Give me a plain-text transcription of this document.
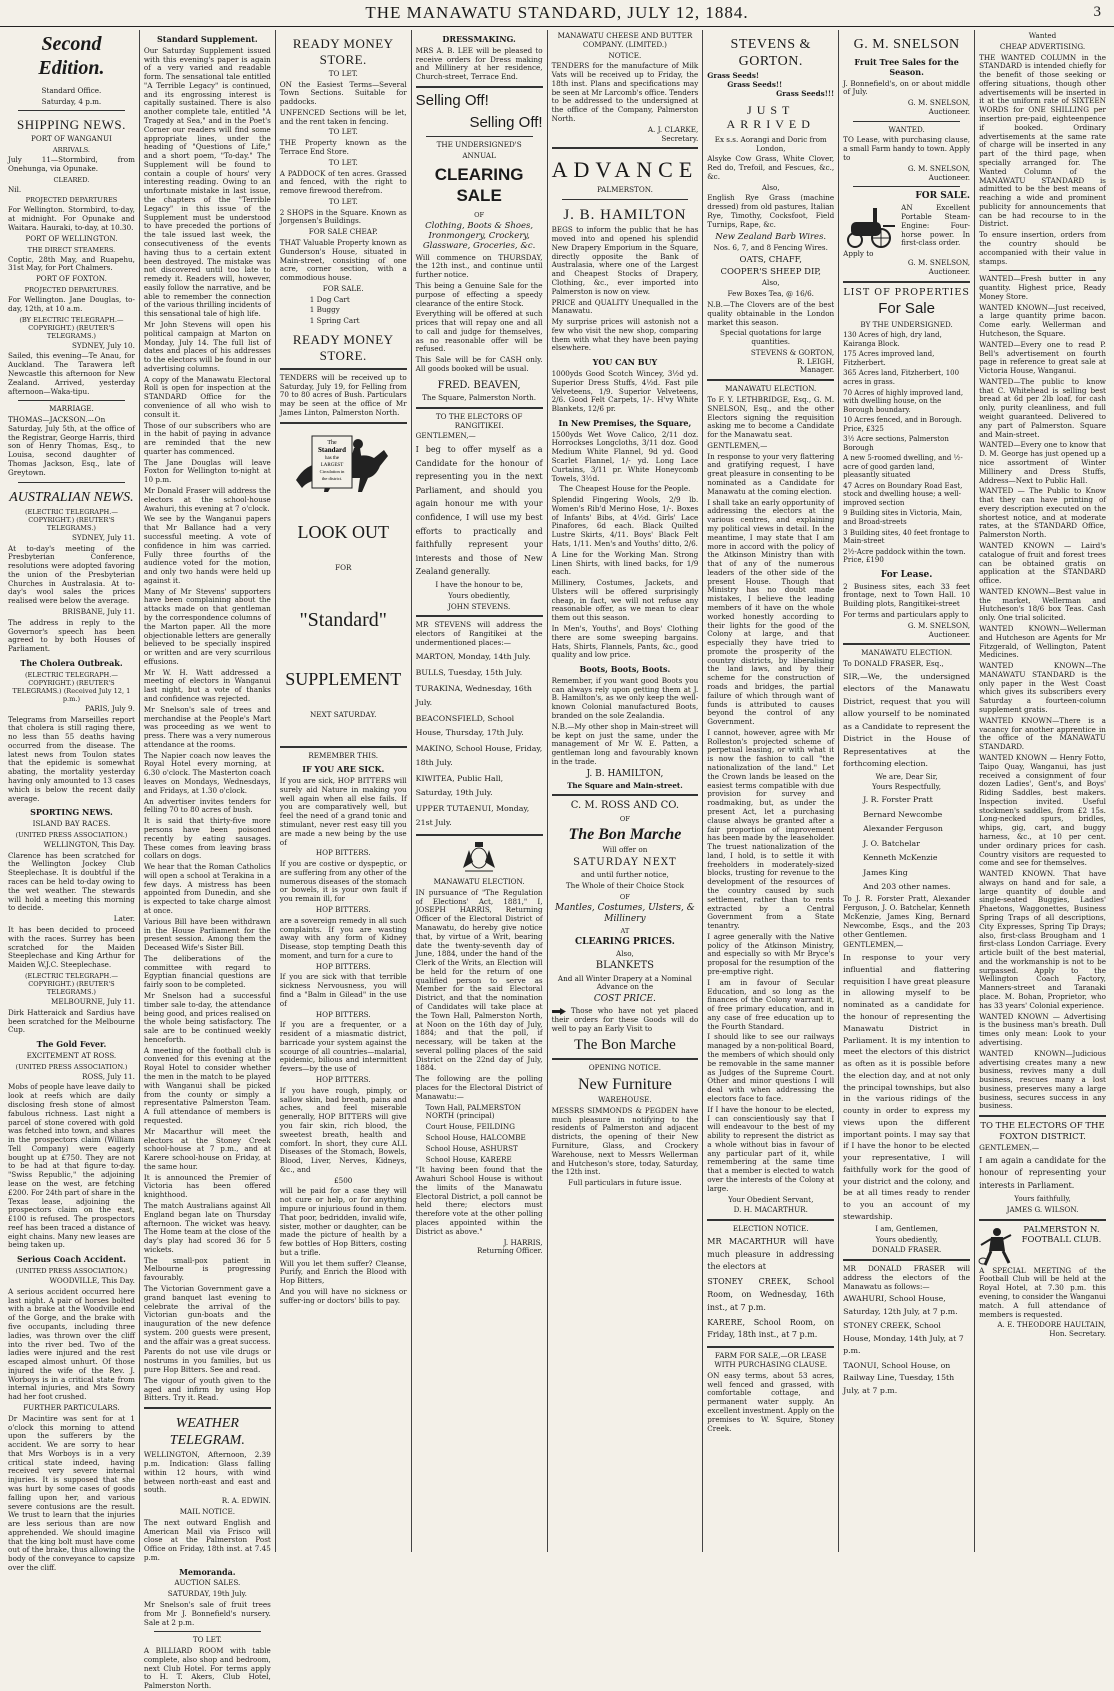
THE MANAWATU STANDARD, JULY 12, 1884.	3
Second Edition.
Standard Office.
Saturday, 4 p.m.
SHIPPING NEWS.
PORT OF WANGANUI
ARRIVALS.

July 11—Stormbird, from Onehunga, via Opunake.

CLEARED.

Nil.

PROJECTED DEPARTURES

For Wellington. Stormbird, to-day, at midnight. For Opunake and Waitara. Hauraki, to-day, at 10.30.

PORT OF WELLINGTON.
THE DIRECT STEAMERS.

Coptic, 28th May, and Ruapehu, 31st May, for Port Chalmers.

PORT OF FOXTON.
PROJECTED DEPARTURES.

For Wellington. Jane Douglas, to-day, 12th, at 10 a.m.

(BY ELECTRIC TELEGRAPH.—COPYRIGHT.) (REUTER'S TELEGRAMS.)
SYDNEY, July 10.

Sailed, this evening—Te Anau, for Auckland. The Tarawera left Newcastle this afternoon for New Zealand. Arrived, yesterday afternoon—Waka-tipu.

MARRIAGE.

THOMAS—JACKSON.—On Saturday, July 5th, at the office of the Registrar, George Harris, third son of Henry Thomas, Esq., to Louisa, second daughter of Thomas Jackson, Esq., late of Greytown.

AUSTRALIAN NEWS.
(ELECTRIC TELEGRAPH.—COPYRIGHT.) (REUTER'S TELEGRAMS.)
SYDNEY, July 11.

At to-day's meeting of the Presbyterian Conference, resolutions were adopted favoring the union of the Presbyterian Churches in Australasia. At to-day's wool sales the prices realised were below the average.

BRISBANE, July 11.

The address in reply to the Governor's speech has been agreed to by both Houses of Parliament.

The Cholera Outbreak.
(ELECTRIC TELEGRAPH.—COPYRIGHT.) (REUTER'S TELEGRAMS.) (Received July 12, 1 p.m.)
PARIS, July 9.

Telegrams from Marseilles report that cholera is still raging there, no less than 55 deaths having occurred from the disease. The latest news from Toulon states that the epidemic is somewhat abating, the mortality yesterday having only amounted to 13 cases which is below the recent daily average.

SPORTING NEWS.
ISLAND BAY RACES.
(UNITED PRESS ASSOCIATION.)
WELLINGTON, This Day.

Clarence has been scratched for the Wellington Jockey Club Steeplechase. It is doubtful if the races can be held to-day owing to the wet weather. The stewards will hold a meeting this morning to decide.

Later.

It has been decided to proceed with the races. Surrey has been scratched for the Maiden Steeplechase and King Arthur for Maiden W.J.C. Steeplechase.

(ELECTRIC TELEGRAPH.—COPYRIGHT.) (REUTER'S TELEGRAMS.)
MELBOURNE, July 11.

Dirk Hatteraick and Sardius have been scratched for the Melbourne Cup.

The Gold Fever.
EXCITEMENT AT ROSS.
(UNITED PRESS ASSOCIATION.)
ROSS, July 11.

Mobs of people have leave daily to look at reefs which are daily disclosing fresh stone of almost fabulous richness. Last night a parcel of stone covered with gold was fetched into town, and shares in the prospectors claim (William Tell Company) were eagerly bought up at £750. They are not to be had at that figure to-day. "Swiss Republic," the adjoining lease on the west, are fetching £200. For 24th part of share in the Texas lease, adjoining the prospectors claim on the east, £100 is refused. The prospectors reef has been traced a distance of eight chains. Many new leases are being taken up.

Serious Coach Accident.
(UNITED PRESS ASSOCIATION.)
WOODVILLE, This Day.

A serious accident occurred here last night. A pair of horses bolted with a brake at the Woodville end of the Gorge, and the brake with five occupants, including three ladies, was thrown over the cliff into the river bed. Two of the ladies were injured and the rest escaped almost unhurt. Of those injured the wife of the Rev. J. Worboys is in a critical state from internal injuries, and Mrs Sowry had her foot crushed.

FURTHER PARTICULARS.

Dr Macintire was sent for at 1 o'clock this morning to attend upon the sufferers by the accident. We are sorry to hear that Mrs Worboys is in a very critical state indeed, having received very severe internal injuries. It is supposed that she was hurt by some cases of goods falling upon her, and various severe contusions are the result. We trust to learn that the injuries are less serious than are now apprehended. We should imagine that the king bolt must have come out of the brake, thus allowing the body of the conveyance to capsize over the cliff.

Standard Supplement.

Our Saturday Supplement issued with this evening's paper is again of a very varied and readable form. The sensational tale entitled "A Terrible Legacy" is continued, and its engrossing interest is capitally sustained. There is also another complete tale, entitled "A Tragedy at Sea," and in the Poet's Corner our readers will find some appropriate lines, under the heading of "Questions of Life," and a short poem, "To-day." The Supplement will be found to contain a couple of hours' very interesting reading. Owing to an unfortunate mistake in last issue, the chapters of the "Terrible Legacy" in this issue of the Supplement must be understood to have preceded the portions of the tale issued last week, the consecutiveness of the events having thus to a certain extent been destroyed. The mistake was not discovered until too late to remedy it. Readers will, however, easily follow the narrative, and be able to remember the connection of the various thrilling incidents of this sensational tale of high life.

Mr John Stevens will open his political campaign at Marton on Monday, July 14. The full list of dates and places of his addresses to the electors will be found in our advertising columns.

A copy of the Manawatu Electoral Roll is open for inspection at the STANDARD Office for the convenience of all who wish to consult it.

Those of our subscribers who are in the habit of paying in advance are reminded that the new quarter has commenced.

The Jane Douglas will leave Foxton for Wellington to-night at 10 p.m.

Mr Donald Fraser will address the electors at the school-house Awahuri, this evening at 7 o'clock.

We see by the Wanganui papers that Mr Ballance had a very successful meeting. A vote of confidence in him was carried. Fully three fourths of the audience voted for the motion, and only two hands were held up against it.

Many of Mr Stevens' supporters have been complaining about the attacks made on that gentleman by the correspondence columns of the Marton paper. All the more objectionable letters are generally believed to be specially inspired or written and are very scurrilous effusions.

Mr W. H. Watt addressed a meeting of electors in Wanganui last night, but a vote of thanks and confidence was rejected.

Mr Snelson's sale of trees and merchandise at the People's Mart was proceeding as we went to press. There was a very numerous attendance at the rooms.

The Napier coach now leaves the Royal Hotel every morning, at 6.30 o'clock. The Masterton coach leaves on Mondays, Wednesdays, and Fridays, at 1.30 o'clock.

An advertiser invites tenders for felling 70 to 80 acres of bush.

It is said that thirty-five more persons have been poisoned recently by eating sausages. These comes from leaving brass collars on dogs.

We hear that the Roman Catholics will open a school at Terakina in a few days. A mistress has been appointed from Dunedin, and she is expected to take charge almost at once.

Various Bill have been withdrawn in the House Parliament for the present session. Among them the Deceased Wife's Sister Bill.

The deliberations of the committee with regard to Egyptian financial questions are fairly soon to be completed.

Mr Snelson had a successful timber sale to-day, the attendance being good, and prices realised on the whole being satisfactory. The sale are to be continued weekly henceforth.

A meeting of the football club is convened for this evening at the Royal Hotel to consider whether the men in the match to be played with Wanganui shall be picked from the county or simply a representative Palmerston Team. A full attendance of members is requested.

Mr Macarthur will meet the electors at the Stoney Creek school-house at 7 p.m., and at Karere school-house on Friday, at the same hour.

It is announced the Premier of Victoria has been offered knighthood.

The match Australians against All England began late on Thursday afternoon. The wicket was heavy. The Home team at the close of the day's play had scored 36 for 5 wickets.

The small-pox patient in Melbourne is progressing favourably.

The Victorian Government gave a grand banquet last evening to celebrate the arrival of the Victorian gun-boats and the inauguration of the new defence system. 200 guests were present, and the affair was a great success.

Parents do not use vile drugs or nostrums in you families, but us pure Hop Bitters. See and read.

The vigour of youth given to the aged and infirm by using Hop Bitters. Try it. Read.

WEATHER TELEGRAM.

WELLINGTON, Afternoon, 2.39 p.m. Indication: Glass falling within 12 hours, with wind between north-east and east and south.

R. A. EDWIN.
MAIL NOTICE.

The next outward English and American Mail via Frisco will close at the Palmerston Post Office on Friday, 18th inst. at 7.45 p.m.

Memoranda.
AUCTION SALES.
SATURDAY, 19th July.

Mr Snelson's sale of fruit trees from Mr J. Bonnefield's nursery. Sale at 2 p.m.

TO LET.

A BILLIARD ROOM with table complete, also shop and bedroom, next Club Hotel. For terms apply to H. T. Akers, Club Hotel, Palmerston North.

READY MONEY STORE.
TO LET.

ON the Easiest Terms—Several Town Sections. Suitable for paddocks.

UNFENCED Sections will be let, and the rent taken in fencing.

TO LET.

THE Property known as the Terrace End Store.

TO LET.

A PADDOCK of ten acres. Grassed and fenced, with the right to remove firewood therefrom.

TO LET.

2 SHOPS in the Square. Known as Jorgensen's Buildings.

FOR SALE CHEAP.

THAT Valuable Property known as Gunderson's House, situated in Main-street, consisting of one acre, corner section, with a commodious house.

FOR SALE.
1 Dog Cart
1 Buggy
1 Spring Cart
READY MONEY STORE.

TENDERS will be received up to Saturday, July 19, for Felling from 70 to 80 acres of Bush. Particulars may be seen at the office of Mr James Linton, Palmerston North.

The
Standard
has the
LARGEST
Circulation in
the district.
LOOK OUT
FOR
"Standard"
SUPPLEMENT
NEXT SATURDAY.
REMEMBER THIS.
IF YOU ARE SICK.

If you are sick, HOP BITTERS will surely aid Nature in making you well again when all else fails. If you are comparatively well, but feel the need of a grand tonic and stimulant, never rest easy till you are made a new being by the use of

HOP BITTERS.

If you are costive or dyspeptic, or are suffering from any other of the numerous diseases of the stomach or bowels, it is your own fault if you remain ill, for

HOP BITTERS.

are a sovereign remedy in all such complaints. If you are wasting away with any form of Kidney Disease, stop tempting Death this moment, and turn for a cure to

HOP BITTERS.

If you are sick with that terrible sickness Nervousness, you will find a "Balm in Gilead" in the use of

HOP BITTERS.

If you are a frequenter, or a resident of a miasmatic district, barricade your system against the scourge of all countries—malarial, epidemic, bilious and intermittent fevers—by the use of

HOP BITTERS.

If you have rough, pimply, or sallow skin, bad breath, pains and aches, and feel miserable generally, HOP BITTERS will give you fair skin, rich blood, the sweetest breath, health and comfort. In short, they cure ALL Diseases of the Stomach, Bowels, Blood, Liver, Nerves, Kidneys, &c., and

£500

will be paid for a case they will not cure or help, or for anything impure or injurious found in them. That poor, bedridden, invalid wife, sister, mother or daughter, can be made the picture of health by a few bottles of Hop Bitters, costing but a trifle.

Will you let them suffer? Cleanse, Purify, and Enrich the Blood with Hop Bitters,

And you will have no sickness or suffer-ing or doctors' bills to pay.

DRESSMAKING.

MRS A. B. LEE will be pleased to receive orders for Dress making and Millinery at her residence, Church-street, Terrace End.

Selling Off!
Selling Off!
THE UNDERSIGNED'S
ANNUAL
CLEARING SALE
OF
Clothing, Boots & Shoes, Ironmongery, Crockery, Glassware, Groceries, &c.

Will commence on THURSDAY, the 12th inst., and continue until further notice.

This being a Genuine Sale for the purpose of effecting a speedy clearance of the entire Stock.

Everything will be offered at such prices that will repay one and all to call and judge for themselves, as no reasonable offer will be refused.

This Sale will be for CASH only. All goods booked will be usual.

FRED. BEAVEN,
The Square, Palmerston North.
TO THE ELECTORS OF RANGITIKEI.
GENTLEMEN,—

I beg to offer myself as a Candidate for the honour of representing you in the next Parliament, and should you again honour me with your confidence, I will use my best efforts to practically and faithfully represent your interests and those of New Zealand generally.

I have the honour to be,
Yours obediently,
JOHN STEVENS.

MR STEVENS will address the electors of Rangitikei at the undermentioned places:—

MARTON, Monday, 14th July.
BULLS, Tuesday, 15th July.
TURAKINA, Wednesday, 16th July.
BEACONSFIELD, School House, Thursday, 17th July.
MAKINO, School House, Friday, 18th July.
KIWITEA, Public Hall, Saturday, 19th July.
UPPER TUTAENUI, Monday, 21st July.
MANAWATU ELECTION.

IN pursuance of "The Regulation of Elections' Act, 1881," I, JOSEPH HARRIS, Returning Officer of the Electoral District of Manawatu, do hereby give notice that, by virtue of a Writ, bearing date the twenty-seventh day of June, 1884, under the hand of the Clerk of the Writs, an Election will be held for the return of one qualified person to serve as Member for the said Electoral District, and that the nomination of Candidates will take place at the Town Hall, Palmerston North, at Noon on the 16th day of July, 1884; and that the poll, if necessary, will be taken at the several polling places of the said District on the 22nd day of July, 1884.

The following are the polling places for the Electoral District of Manawatu:—

Town Hall, PALMERSTON NORTH (principal)
Court House, FEILDING
School House, HALCOMBE
School House, ASHURST
School House, KARERE

"It having been found that the Awahuri School House is without the limits of the Manawatu Electoral District, a poll cannot be held there; electors must therefore vote at the other polling places appointed within the District as above."

J. HARRIS,
Returning Officer.
MANAWATU CHEESE AND BUTTER COMPANY. (LIMITED.)
NOTICE.

TENDERS for the manufacture of Milk Vats will be received up to Friday, the 18th inst. Plans and specifications may be seen at Mr Larcomb's office. Tenders to be addressed to the undersigned at the office of the Company, Palmerston North.

A. J. CLARKE,
Secretary.
ADVANCE
PALMERSTON.
J. B. HAMILTON

BEGS to inform the public that he has moved into and opened his splendid New Drapery Emporium in the Square, directly opposite the Bank of Australasia, where one of the Largest and Cheapest Stocks of Drapery, Clothing, &c., ever imported into Palmerston is now on view.

PRICE and QUALITY Unequalled in the Manawatu.

My surprise prices will astonish not a few who visit the new shop, comparing them with what they have been paying elsewhere.

YOU CAN BUY

1000yds Good Scotch Wincey, 3½d yd. Superior Dress Stuffs, 4½d. Fast pile Velveteens, 1/9. Superior Velveteens, 2/6. Good Felt Carpets, 1/-. H'vy White Blankets, 12/6 pr.

In New Premises, the Square,

1500yds Wet Wove Calico, 2/11 doz. Horrockses Longcloths, 3/11 doz. Good Medium White Flannel, 9d yd. Good Scarlet Flannel, 1/- yd. Long Lace Curtains, 3/11 pr. White Honeycomb Towels, 3½d.

The Cheapest House for the People.

Splendid Fingering Wools, 2/9 lb. Women's Rib'd Merino Hose, 1/-. Boxes of Infants' Bibs, at 4½d. Girls' Lace Pinafores, 6d each. Black Quilted Lustre Skirts, 4/11. Boys' Black Felt Hats, 1/11. Men's and Youths' ditto, 2/6.

A Line for the Working Man. Strong Linen Shirts, with lined backs, for 1/9 each.

Millinery, Costumes, Jackets, and Ulsters will be offered surprisingly cheap, in fact, we will not refuse any reasonable offer, as we mean to clear them out this season.

In Men's, Youths', and Boys' Clothing there are some sweeping bargains. Hats, Shirts, Flannels, Pants, &c., good quality and low price.

Boots, Boots, Boots.

Remember, if you want good Boots you can always rely upon getting them at J. B. Hamilton's, as we only keep the well-known Colonial manufactured Boots, branded on the sole Zealandia.

N.B.—My other shop in Main-street will be kept on just the same, under the management of Mr W. E. Patten, a gentleman long and favourably known in the trade.

J. B. HAMILTON,
The Square and Main-street.
C. M. ROSS AND CO.
OF
The Bon Marche
Will offer on
SATURDAY NEXT
and until further notice,
The Whole of their Choice Stock
OF
Mantles, Costumes, Ulsters, & Millinery
AT
CLEARING PRICES.
Also,
BLANKETS
And all Winter Drapery at a Nominal Advance on the
COST PRICE.

Those who have not yet placed their orders for these Goods will do well to pay an Early Visit to

The Bon Marche
OPENING NOTICE.
New Furniture
WAREHOUSE.

MESSRS SIMMONDS & PEGDEN have much pleasure in notifying to the residents of Palmerston and adjacent districts, the opening of their New Furniture, Glass, and Crockery Warehouse, next to Messrs Wellerman and Hutcheson's store, today, Saturday, the 12th inst.

Full particulars in future issue.
STEVENS & GORTON.
Grass Seeds!
Grass Seeds!!
Grass Seeds!!!
JUST ARRIVED
Ex s.s. Aorangi and Doric from London,

Alsyke Cow Grass, White Clover, Red do, Trefoil, and Fescues, &c., &c.

Also,

English Rye Grass (machine dressed) from old pastures, Italian Rye, Timothy, Cocksfoot, Field Turnips, Rape, &c.

New Zealand Barb Wires.
Nos. 6, 7, and 8 Fencing Wires.
OATS, CHAFF,
COOPER'S SHEEP DIP,
Also,
Few Boxes Tea, @ 16/6.

N.B.—The Clovers are of the best quality obtainable in the London market this season.

Special quotations for large quantities.
STEVENS & GORTON,
R. LEIGH,
Manager.
MANAWATU ELECTION.

To F. Y. LETHBRIDGE, Esq., G. M. SNELSON, Esq., and the other Electors signing the requisition asking me to become a Candidate for the Manawatu seat.

GENTLEMEN,—

In response to your very flattering and gratifying request, I have great pleasure in consenting to be nominated as a Candidate for Manawatu at the coming election.

I shall take an early opportunity of addressing the electors at the various centres, and explaining my political views in detail. In the meantime, I may state that I am more in accord with the policy of the Atkinson Ministry than with that of any of the numerous leaders of the other side of the present House. Though that Ministry has no doubt made mistakes, I believe the leading members of it have on the whole worked honestly according to their lights for the good of the Colony at large, and that especially they have tried to promote the prosperity of the country districts, by liberalising the land laws, and by their scheme for the construction of roads and bridges, the partial failure of which through want of funds is attributed to causes beyond the control of any Government.

I cannot, however, agree with Mr Rolleston's projected scheme of perpetual leasing, or with what it is now the fashion to call "the nationalization of the land." Let the Crown lands be leased on the easiest terms compatible with due provision for survey and roadmaking, but, as under the present Act, let a purchasing clause always be granted after a fair proportion of improvement has been made by the leaseholder. The truest nationalization of the land, I hold, is to settle it with freeholders in moderately-sized blocks, trusting for revenue to the development of the resources of the country caused by such settlement, rather than to rents extracted by a Central Government from a State tenantry.

I agree generally with the Native policy of the Atkinson Ministry, and especially so with Mr Bryce's proposal for the resumption of the pre-emptive right.

I am in favour of Secular Education, and so long as the finances of the Colony warrant it, of free primary education, and in any case of free education up to the Fourth Standard.

I should like to see our railways managed by a non-political Board, the members of which should only be removable in the same manner as Judges of the Supreme Court. Other and minor questions I will deal with when addressing the electors face to face.

If I have the honour to be elected, I can conscientiously say that I will endeavour to the best of my ability to represent the district as a whole without bias in favour of any particular part of it, while remembering at the same time that a member is elected to watch over the interests of the Colony at large.

Your Obedient Servant,
D. H. MACARTHUR.
ELECTION NOTICE.

MR MACARTHUR will have much pleasure in addressing the electors at

STONEY CREEK, School Room, on Wednesday, 16th inst., at 7 p.m.

KARERE, School Room, on Friday, 18th inst., at 7 p.m.

FARM FOR SALE,—OR LEASE WITH PURCHASING CLAUSE.

ON easy terms, about 53 acres, well fenced and grassed, with comfortable cottage, and permanent water supply. An excellent investment. Apply on the premises to W. Squire, Stoney Creek.

G. M. SNELSON
Fruit Tree Sales for the Season.

J. Bonnefield's, on or about middle of July.

G. M. SNELSON,
Auctioneer.
WANTED.

TO Lease, with purchasing clause, a small Farm handy to town. Apply to

G. M. SNELSON,
Auctioneer.
FOR SALE.

AN Excellent Portable Steam-Engine: Four-horse power. In first-class order.

Apply to
G. M. SNELSON,
Auctioneer.
LIST OF PROPERTIES
For Sale
BY THE UNDERSIGNED.
130 Acres of high, dry land, Kairanga Block.
175 Acres improved land, Fitzherbert.
365 Acres land, Fitzherbert, 100 acres in grass.
70 Acres of highly improved land, with dwelling house, on the Borough boundary.
10 Acres fenced, and in Borough. Price, £325
3½ Acre sections, Palmerston Borough
A new 5-roomed dwelling, and ½-acre of good garden land, pleasantly situated
47 Acres on Boundary Road East, stock and dwelling house; a well-improved section
9 Building sites in Victoria, Main, and Broad-streets
3 Building sites, 40 feet frontage to Main-street
2½-Acre paddock within the town. Price, £190
For Lease.

2 Business sites, each 33 feet frontage, next to Town Hall. 10 Building plots, Rangitikei-street

For terms and particulars apply to

G. M. SNELSON,
Auctioneer.
MANAWATU ELECTION.
To DONALD FRASER, Esq.,

SIR,—We, the undersigned electors of the Manawatu District, request that you will allow yourself to be nominated as a Candidate to represent the District in the House of Representatives at the forthcoming election.

We are, Dear Sir,
Yours Respectfully,
J. R. Forster Pratt
Bernard Newcombe
Alexander Ferguson
J. O. Batchelar
Kenneth McKenzie
James King
And 203 other names.

To J. R. Forster Pratt, Alexander Ferguson, J. O. Batchelar, Kenneth McKenzie, James King, Bernard Newcombe, Esqs., and the 203 other Gentlemen.

GENTLEMEN,—

In response to your very influential and flattering requisition I have great pleasure in allowing myself to be nominated as a candidate for the honour of representing the Manawatu District in Parliament. It is my intention to meet the electors of this district as often as it is possible before the election day, and at not only the principal townships, but also in the various ridings of the county in order to express my views upon the different important points. I may say that if I have the honor to be elected your representative, I will faithfully work for the good of your district and the colony, and be at all times ready to render to you an account of my stewardship.

I am, Gentlemen,
Yours obediently,
DONALD FRASER.

MR DONALD FRASER will address the electors of the Manawatu as follows:—

AWAHURI, School House, Saturday, 12th July, at 7 p.m.
STONEY CREEK, School House, Monday, 14th July, at 7 p.m.
TAONUI, School House, on Railway Line, Tuesday, 15th July, at 7 p.m.
Wanted
CHEAP ADVERTISING.

THE WANTED COLUMN in the STANDARD is intended chiefly for the benefit of those seeking or offering situations, though other advertisements will be inserted in it at the uniform rate of SIXTEEN WORDS for ONE SHILLING per insertion pre-paid, eighteenpence if booked. Ordinary advertisements at the same rate of charge will be inserted in any part of the third page, when specially arranged for. The Wanted Column of the MANAWATU STANDARD is admitted to be the best means of reaching a wide and prominent publicity for announcements that can be had recourse to in the District.

To ensure insertion, orders from the country should be accompanied with their value in stamps.

WANTED—Fresh butter in any quantity. Highest price, Ready Money Store.

WANTED KNOWN—Just received, a large quantity prime bacon. Come early. Wellerman and Hutcheson, the Square.

WANTED—Every one to read P. Bell's advertisement on fourth page in reference to great sale at Victoria House, Wanganui.

WANTED—The public to know that C. Whitehead is selling best bread at 6d per 2lb loaf, for cash only, purity cleanliness, and full weight guaranteed. Delivered to any part of Palmerston. Square and Main-street.

WANTED—Every one to know that D. M. George has just opened up a nice assortment of Winter Millinery and Dress Stuffs, Address—Next to Public Hall.

WANTED — The Public to Know that they can have printing of every description executed on the shortest notice, and at moderate rates, at the STANDARD Office, Palmerston North.

WANTED KNOWN — Laird's catalogue of fruit and forest trees can be obtained gratis on application at the STANDARD office.

WANTED KNOWN—Best value in the market, Wellerman and Hutcheson's 18/6 box Teas. Cash only. One trial solicited.

WANTED KNOWN—Wellerman and Hutcheson are Agents for Mr Fitzgerald, of Wellington, Patent Medicines.

WANTED KNOWN—The MANAWATU STANDARD is the only paper in the West Coast which gives its subscribers every Saturday a fourteen-column supplement gratis.

WANTED KNOWN—There is a vacancy for another apprentice in the office of the MANAWATU STANDARD.

WANTED KNOWN — Henry Fotto, Taipo Quay, Wanganui, has just received a consignment of four dozen Ladies', Gent's, and Boys' Riding Saddles, best makers. Inspection invited. Useful stockmen's saddles, from £2 15s. Long-necked spurs, bridles, whips, gig, cart, and buggy harness, &c., at 10 per cent. under ordinary prices for cash. Country visitors are requested to come and see for themselves.

WANTED KNOWN. That have always on hand and for sale, a large quantity of double and single-seated Buggies, Ladies' Phaetons, Waggonettes, Business Spring Traps of all descriptions, City Expresses, Spring Tip Drays; also, first-class Brougham and 1 first-class London Carriage. Every article built of the best material, and the workmanship is not to be surpassed. Apply to the Wellington Coach Factory, Manners-street and Taranaki place. M. Bohan, Proprietor, who has 33 years' Colonial experience.

WANTED KNOWN — Advertising is the business man's breath. Dull times only mean: Look to your advertising.

WANTED KNOWN—Judicious advertising creates many a new business, revives many a dull business, rescues many a lost business, preserves many a large business, secures success in any business.

TO THE ELECTORS OF THE FOXTON DISTRICT.
GENTLEMEN,—

I am again a candidate for the honour of representing your interests in Parliament.

Yours faithfully,
JAMES G. WILSON.
PALMERSTON N. FOOTBALL CLUB.

A SPECIAL MEETING of the Football Club will be held at the Royal Hotel, at 7.30 p.m. this evening, to consider the Wanganui match. A full attendance of members is requested.

A. E. THEODORE HAULTAIN,
Hon. Secretary.
